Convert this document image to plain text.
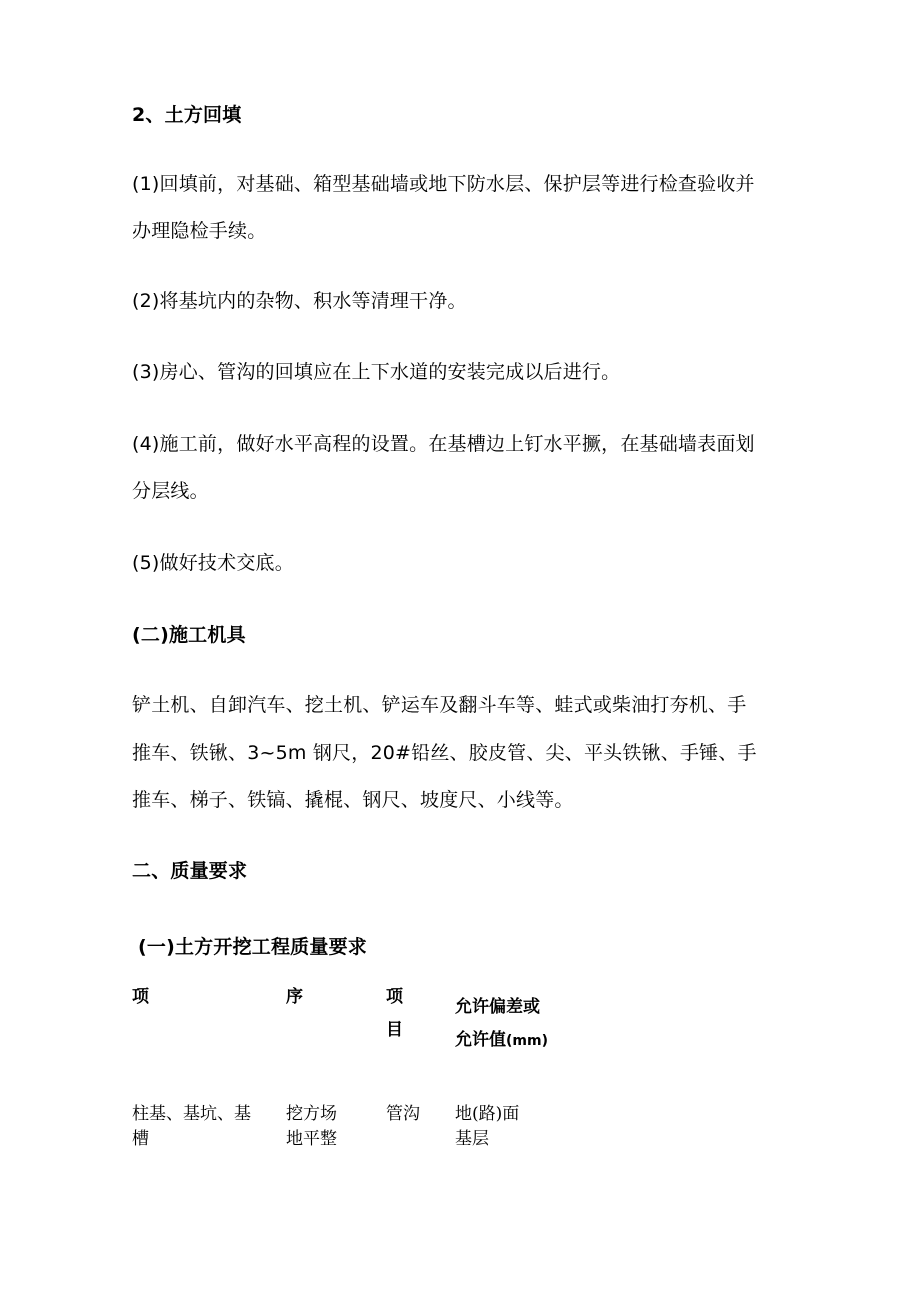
2、土方回填
(1)回填前，对基础、箱型基础墙或地下防水层、保护层等进行检查验收并
办理隐检手续。
(2)将基坑内的杂物、积水等清理干净。
(3)房心、管沟的回填应在上下水道的安装完成以后进行。
(4)施工前，做好水平高程的设置。在基槽边上钉水平撅，在基础墙表面划
分层线。
(5)做好技术交底。
(二)施工机具
铲土机、自卸汽车、挖土机、铲运车及翻斗车等、蛙式或柴油打夯机、手
推车、铁锹、3~5m 钢尺，20#铅丝、胶皮管、尖、平头铁锹、手锤、手
推车、梯子、铁镐、撬棍、钢尺、坡度尺、小线等。
二、质量要求
(一)土方开挖工程质量要求
项	序	项
目
允许偏差或
允许值(mm)
柱基、基坑、基
槽
挖方场
地平整
管沟 地(路)面
基层
